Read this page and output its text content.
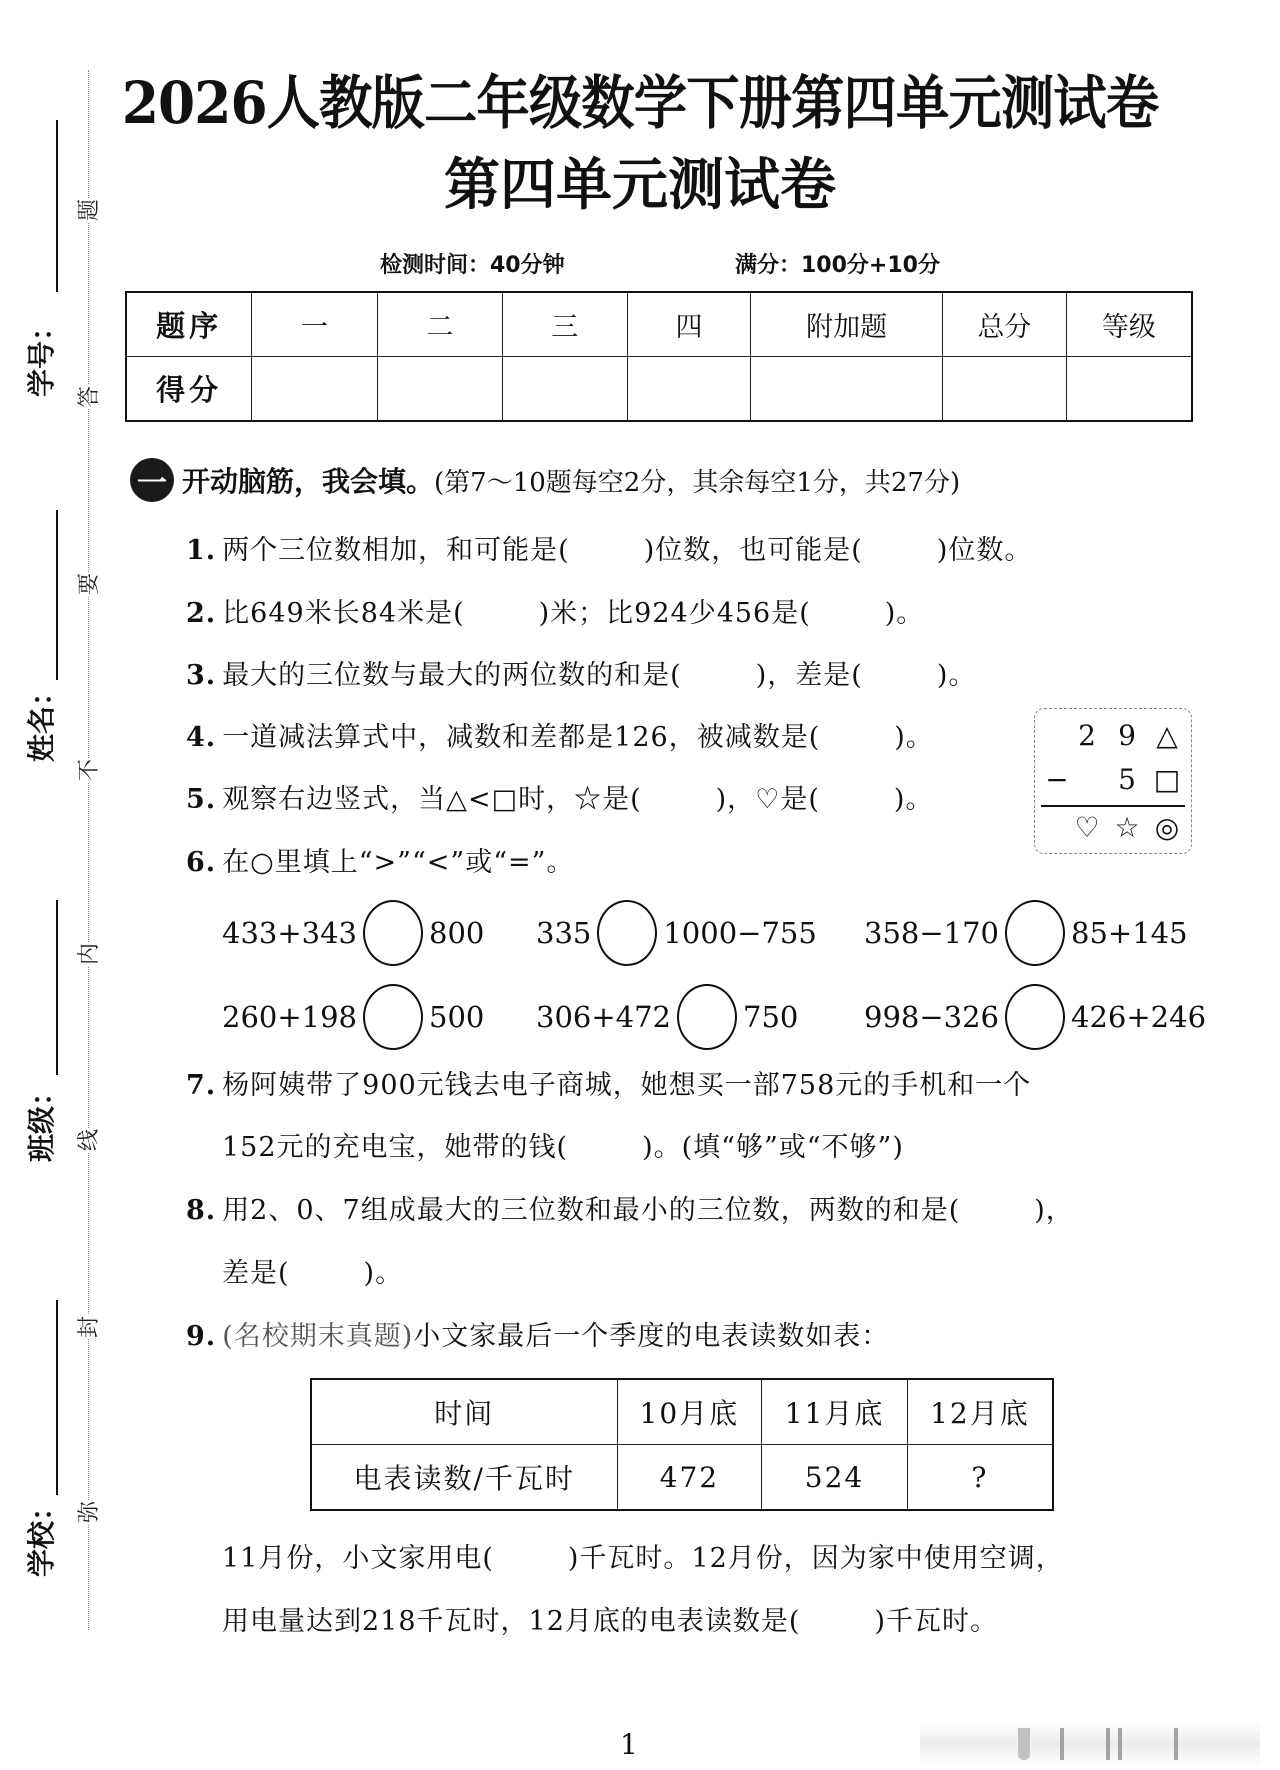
题
答
要
不
内
线
封
弥
学号：
姓名：
班级：
学校：
2026人教版二年级数学下册第四单元测试卷
第四单元测试卷
检测时间：40分钟	满分：100分+10分
题序	一	二	三	四	附加题	总分	等级
得分							
一 开动脑筋，我会填。 (第7～10题每空2分，其余每空1分，共27分)
1. 两个三位数相加，和可能是(	)位数，也可能是(	)位数。
2. 比649米长84米是(	)米；比924少456是(	)。
3. 最大的三位数与最大的两位数的和是(	)，差是(	)。
4. 一道减法算式中，减数和差都是126，被减数是(	)。
5. 观察右边竖式，当△<□时，☆是(	)，♡是(	)。
2 9 △
− 5 □
♡ ☆ ◎
6. 在○里填上“>”“<”或“=”。
433+343 800 335 1000−755 358−170 85+145
260+198 500 306+472 750 998−326 426+246
7. 杨阿姨带了900元钱去电子商城，她想买一部758元的手机和一个
152元的充电宝，她带的钱(	)。(填“够”或“不够”)
8. 用2、0、7组成最大的三位数和最小的三位数，两数的和是(	)，
差是(	)。
9. (名校期末真题)小文家最后一个季度的电表读数如表：
时间	10月底	11月底	12月底
电表读数/千瓦时	472	524	?
11月份，小文家用电(	)千瓦时。12月份，因为家中使用空调，
用电量达到218千瓦时，12月底的电表读数是(	)千瓦时。
1
